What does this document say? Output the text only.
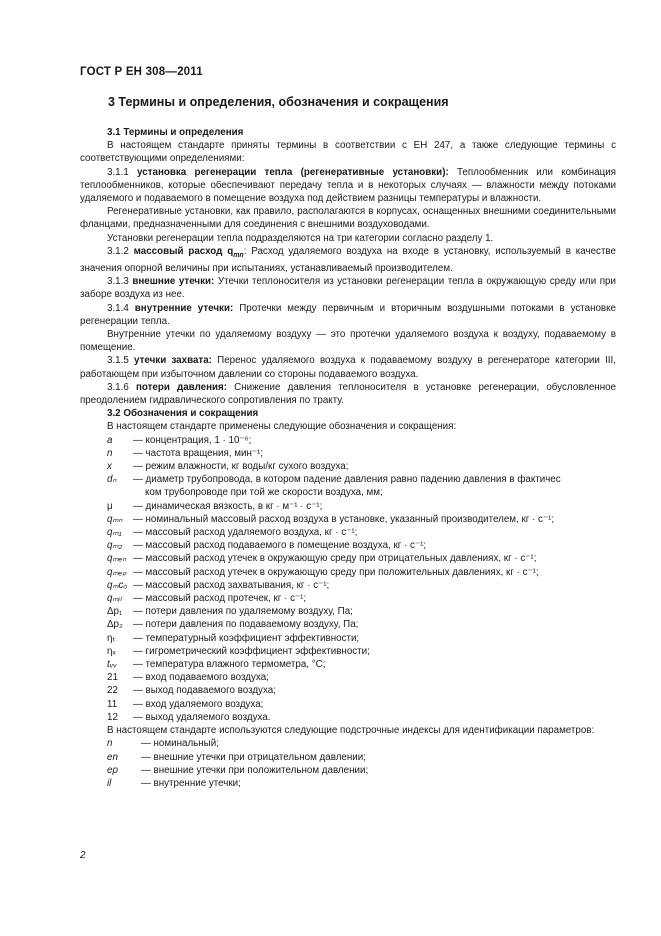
ГОСТ Р ЕН 308—2011
3 Термины и определения, обозначения и сокращения

3.1 Термины и определения

В настоящем стандарте приняты термины в соответствии с ЕН 247, а также следующие термины с соответствующими определениями:

3.1.1 установка регенерации тепла (регенеративные установки): Теплообменник или комбинация теплообменников, которые обеспечивают передачу тепла и в некоторых случаях — влажности между потоками удаляемого и подаваемого в помещение воздуха под действием разницы температуры и влажности.

Регенеративные установки, как правило, располагаются в корпусах, оснащенных внешними соединительными фланцами, предназначенными для соединения с внешними воздуховодами.

Установки регенерации тепла подразделяются на три категории согласно разделу 1.

3.1.2 массовый расход $q_{mn}$: Расход удаляемого воздуха на входе в установку, используемый в качестве значения опорной величины при испытаниях, устанавливаемый производителем.

3.1.3 внешние утечки: Утечки теплоносителя из установки регенерации тепла в окружающую среду или при заборе воздуха из нее.

3.1.4 внутренние утечки: Протечки между первичным и вторичным воздушными потоками в установке регенерации тепла.

Внутренние утечки по удаляемому воздуху — это протечки удаляемого воздуха к воздуху, подаваемому в помещение.

3.1.5 утечки захвата: Перенос удаляемого воздуха к подаваемому воздуху в регенераторе категории III, работающем при избыточном давлении со стороны подаваемого воздуха.

3.1.6 потери давления: Снижение давления теплоносителя в установке регенерации, обусловленное преодолением гидравлического сопротивления по тракту.

3.2 Обозначения и сокращения

В настоящем стандарте применены следующие обозначения и сокращения:

a	— концентрация, 1 · 10⁻⁶;
n	— частота вращения, мин⁻¹;
x	— режим влажности, кг воды/кг сухого воздуха;
dₙ	— диаметр трубопровода, в котором падение давления равно падению давления в фактичес
ком трубопроводе при той же скорости воздуха, мм;
μ	— динамическая вязкость, в кг · м⁻¹ · с⁻¹;
qₘₙ	— номинальный массовый расход воздуха в установке, указанный производителем, кг · с⁻¹;
qₘ₁	— массовый расход удаляемого воздуха, кг · с⁻¹;
qₘ₂	— массовый расход подаваемого в помещение воздуха, кг · с⁻¹;
qₘₑₙ — массовый расход утечек в окружающую среду при отрицательных давлениях, кг · с⁻¹;
qₘₑₚ — массовый расход утечек в окружающую среду при положительных давлениях, кг · с⁻¹;
qₘcₒ — массовый расход захватывания, кг · с⁻¹;
qₘᵢₗ	— массовый расход протечек, кг · с⁻¹;
Δp₁	— потери давления по удаляемому воздуху, Па;
Δp₂	— потери давления по подаваемому воздуху, Па;
ηₜ	— температурный коэффициент эффективности;
ηₓ	— гигрометрический коэффициент эффективности;
tᵥᵥ	— температура влажного термометра, °С;
21	— вход подаваемого воздуха;
22	— выход подаваемого воздуха;
11	— вход удаляемого воздуха;
12	— выход удаляемого воздуха.

В настоящем стандарте используются следующие подстрочные индексы для идентификации параметров:

n	— номинальный;
en	— внешние утечки при отрицательном давлении;
ep	— внешние утечки при положительном давлении;
il	— внутренние утечки;
2
